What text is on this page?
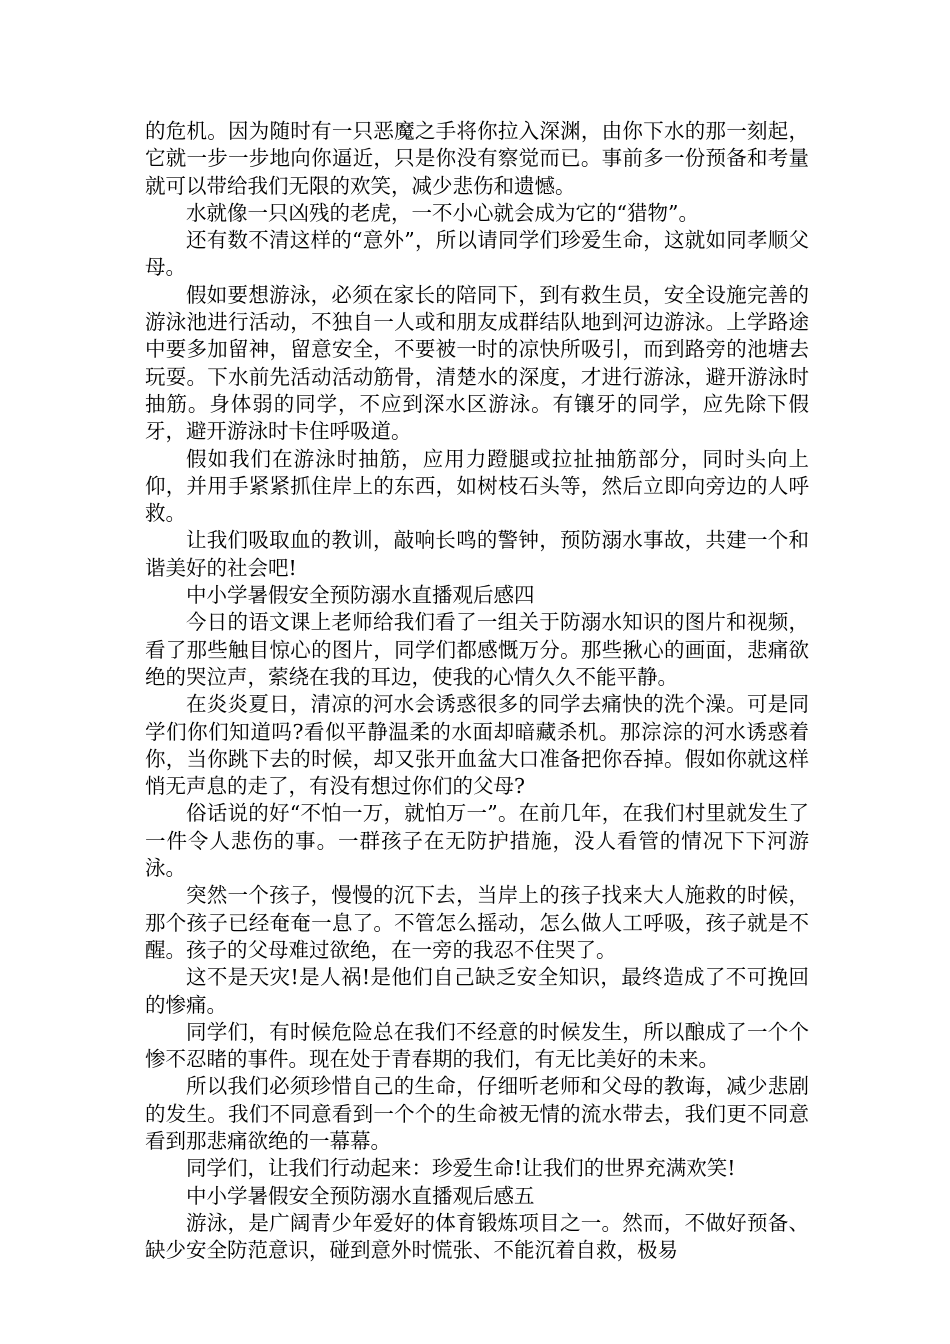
的危机。因为随时有一只恶魔之手将你拉入深渊，由你下水的那一刻起，它就一步一步地向你逼近，只是你没有察觉而已。事前多一份预备和考量就可以带给我们无限的欢笑，减少悲伤和遗憾。

水就像一只凶残的老虎，一不小心就会成为它的“猎物”。

还有数不清这样的“意外”，所以请同学们珍爱生命，这就如同孝顺父母。

假如要想游泳，必须在家长的陪同下，到有救生员，安全设施完善的游泳池进行活动，不独自一人或和朋友成群结队地到河边游泳。上学路途中要多加留神，留意安全，不要被一时的凉快所吸引，而到路旁的池塘去玩耍。下水前先活动活动筋骨，清楚水的深度，才进行游泳，避开游泳时抽筋。身体弱的同学，不应到深水区游泳。有镶牙的同学，应先除下假牙，避开游泳时卡住呼吸道。

假如我们在游泳时抽筋，应用力蹬腿或拉扯抽筋部分，同时头向上仰，并用手紧紧抓住岸上的东西，如树枝石头等，然后立即向旁边的人呼救。

让我们吸取血的教训，敲响长鸣的警钟，预防溺水事故，共建一个和谐美好的社会吧!

中小学暑假安全预防溺水直播观后感四

今日的语文课上老师给我们看了一组关于防溺水知识的图片和视频，看了那些触目惊心的图片，同学们都感慨万分。那些揪心的画面，悲痛欲绝的哭泣声，萦绕在我的耳边，使我的心情久久不能平静。

在炎炎夏日，清凉的河水会诱惑很多的同学去痛快的洗个澡。可是同学们你们知道吗?看似平静温柔的水面却暗藏杀机。那淙淙的河水诱惑着你，当你跳下去的时候，却又张开血盆大口准备把你吞掉。假如你就这样悄无声息的走了，有没有想过你们的父母?

俗话说的好“不怕一万，就怕万一”。在前几年，在我们村里就发生了一件令人悲伤的事。一群孩子在无防护措施，没人看管的情况下下河游泳。

突然一个孩子，慢慢的沉下去，当岸上的孩子找来大人施救的时候，那个孩子已经奄奄一息了。不管怎么摇动，怎么做人工呼吸，孩子就是不醒。孩子的父母难过欲绝，在一旁的我忍不住哭了。

这不是天灾!是人祸!是他们自己缺乏安全知识，最终造成了不可挽回的惨痛。

同学们，有时候危险总在我们不经意的时候发生，所以酿成了一个个惨不忍睹的事件。现在处于青春期的我们，有无比美好的未来。

所以我们必须珍惜自己的生命，仔细听老师和父母的教诲，减少悲剧的发生。我们不同意看到一个个的生命被无情的流水带去，我们更不同意看到那悲痛欲绝的一幕幕。

同学们，让我们行动起来：珍爱生命!让我们的世界充满欢笑!

中小学暑假安全预防溺水直播观后感五

游泳，是广阔青少年爱好的体育锻炼项目之一。然而，不做好预备、缺少安全防范意识，碰到意外时慌张、不能沉着自救，极易
